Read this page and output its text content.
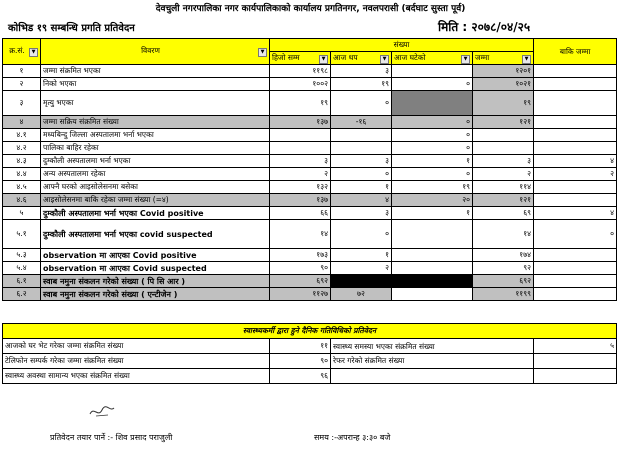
देवचुली नगरपालिका नगर कार्यपालिकाको कार्यालय प्रगतिनगर, नवलपरासी (बर्दघाट सुस्ता पूर्व)
कोभिड १९ सम्बन्धि प्रगति प्रतिवेदन	मिति : २०७८/०४/२५
क्र.सं. ▼	विवरण ▼	संख्या				बाकि जम्मा
		हिजो सम्म ▼	आज थप ▼	आज घटेको ▼	जम्मा ▼	

१	जम्मा संक्रमित भएका	११९८	३		१२०१	
२	निको भएका	१००२	१९	०	१०२१	
३	मृत्यु भएका	१९	०		१९	
४	जम्मा सक्रिय संक्रमित संख्या	१३७	-१६	०	१२१	
४.१	मध्यबिन्दु जिल्ला अस्पतालमा भर्ना भएका			०		
४.२	पालिका बाहिर रहेका			०		
४.३	दुम्कौली अस्पतालमा भर्ना भएका	३	३	१	३	४
४.४	अन्य अस्पतालमा रहेका	२	०	०	२	२
४.५	आफ्नै घरको आइसोलेसनमा बसेका	१३२	१	१९	११४	
४.६	आइसोलेसनमा बाकि रहेका जम्मा संख्या (=४)	१३७	४	२०	१२१	
५	दुम्कौली अस्पतालमा भर्ना भएका Covid positive	६६	३	१	६९	४
५.१	दुम्कौली अस्पतालमा भर्ना भएका covid suspected	१४	०		१४	०
५.३	observation मा आएका Covid positive	१७३	१		१७४	
५.४	observation मा आएका Covid suspected	९०	२		९२	
६.१	स्वाब नमुना संकलन गरेको संख्या ( पि सि आर )	६९२			६९२	
६.२	स्वाब नमुना संकलन गरेको संख्या ( एन्टीजेन )	११२७	७२		११९९	
स्वास्थ्यकर्मी द्वारा हुने दैनिक गतिविधिको प्रतिवेदन			
आजको घर भेट गरेका जम्मा संक्रमित संख्या	११	स्वास्थ्य समस्या भएका संक्रमित संख्या	५
टेलिफोन सम्पर्क गरेका जम्मा संक्रमित संख्या	९०	रेफर गरेको संक्रमित संख्या	
स्वास्थ्य अवस्था सामान्य भएका संक्रमित संख्या	९६		
प्रतिवेदन तयार पार्ने :- शिव प्रसाद पराजुली	समय :-अपरान्ह ३:३० बजे
